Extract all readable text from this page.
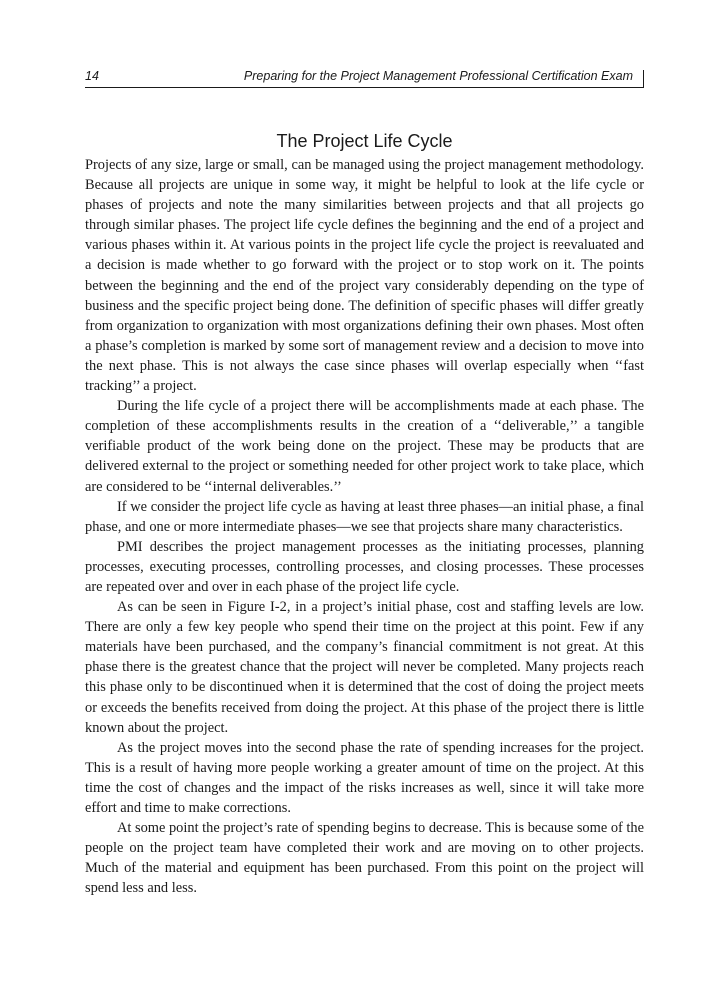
14	Preparing for the Project Management Professional Certification Exam
The Project Life Cycle

Projects of any size, large or small, can be managed using the project management methodology. Because all projects are unique in some way, it might be helpful to look at the life cycle or phases of projects and note the many similarities between projects and that all projects go through similar phases. The project life cycle defines the beginning and the end of a project and various phases within it. At various points in the project life cycle the project is reevaluated and a decision is made whether to go forward with the project or to stop work on it. The points between the beginning and the end of the project vary considerably depending on the type of business and the specific project being done. The definition of specific phases will differ greatly from organization to organization with most organizations defining their own phases. Most often a phase’s completion is marked by some sort of management review and a decision to move into the next phase. This is not always the case since phases will overlap especially when ‘‘fast tracking’’ a project.

During the life cycle of a project there will be accomplishments made at each phase. The completion of these accomplishments results in the creation of a ‘‘deliverable,’’ a tangible verifiable product of the work being done on the project. These may be products that are delivered external to the project or something needed for other project work to take place, which are considered to be ‘‘internal deliverables.’’

If we consider the project life cycle as having at least three phases—an initial phase, a final phase, and one or more intermediate phases—we see that projects share many characteristics.

PMI describes the project management processes as the initiating processes, planning processes, executing processes, controlling processes, and closing processes. These processes are repeated over and over in each phase of the project life cycle.

As can be seen in Figure I-2, in a project’s initial phase, cost and staffing levels are low. There are only a few key people who spend their time on the project at this point. Few if any materials have been purchased, and the company’s financial commitment is not great. At this phase there is the greatest chance that the project will never be completed. Many projects reach this phase only to be discontinued when it is determined that the cost of doing the project meets or exceeds the benefits received from doing the project. At this phase of the project there is little known about the project.

As the project moves into the second phase the rate of spending increases for the project. This is a result of having more people working a greater amount of time on the project. At this time the cost of changes and the impact of the risks increases as well, since it will take more effort and time to make corrections.

At some point the project’s rate of spending begins to decrease. This is because some of the people on the project team have completed their work and are moving on to other projects. Much of the material and equipment has been purchased. From this point on the project will spend less and less.
